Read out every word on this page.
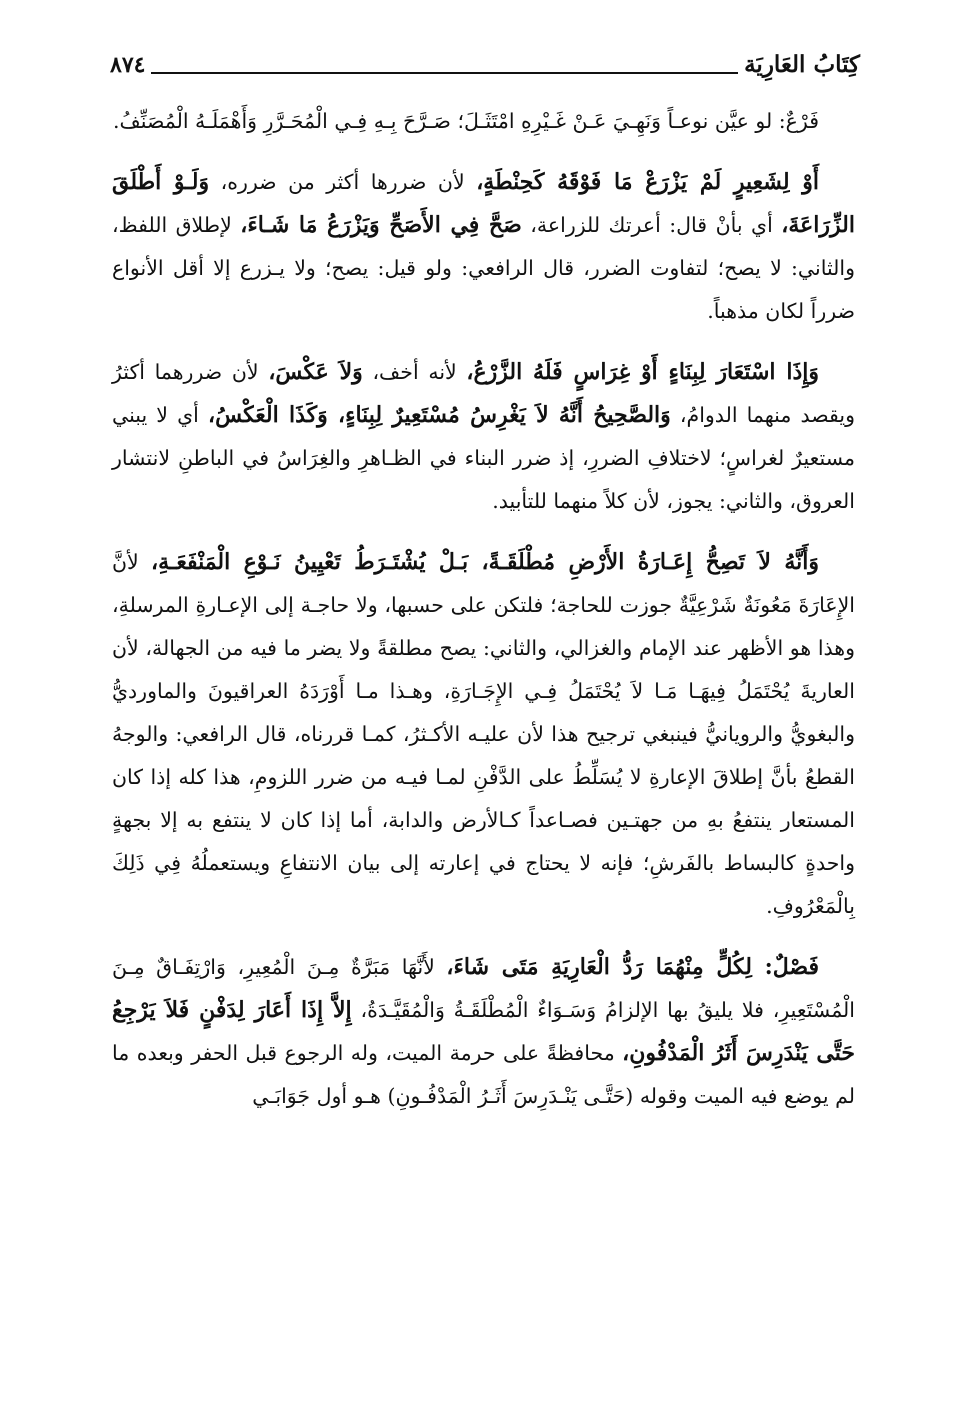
كِتَابُ العَارِيَة
٨٧٤

فَرْعٌ: لو عيَّن نوعـاً وَنَهِـيَ عَـنْ غَـيْرِهِ امْتَثَـلَ؛ صَـرَّحَ بِـهِ فِـي الْمُحَـرَّرِ وَأَهْمَلَـهُ الْمُصَنِّفُ.

أَوْ لِشَعِيرٍ لَمْ يَزْرَعْ مَا فَوْقَهُ كَحِنْطَةٍ، لأن ضررها أكثر من ضرره، وَلَـوْ أَطْلَقَ الزِّرَاعَةَ، أي بأنْ قال: أعرتك للزراعة، صَحَّ فِي الأَصَحِّ وَيَزْرَعُ مَا شَـاءَ، لإطلاق اللفظ، والثاني: لا يصح؛ لتفاوت الضرر، قال الرافعي: ولو قيل: يصح؛ ولا يـزرع إلا أقل الأنواع ضرراً لكان مذهباً.

وَإِذَا اسْتَعَارَ لِبِنَاءٍ أَوْ غِرَاسٍ فَلَهُ الزَّرْعُ، لأنه أخف، وَلاَ عَكْسَ، لأن ضررهما أكثرُ ويقصد منهما الدوامُ، وَالصَّحِيحُ أَنَّهُ لاَ يَغْرِسُ مُسْتَعِيرٌ لِبِنَاءٍ، وَكَذَا الْعَكْسُ، أي لا يبني مستعيرٌ لغراسٍ؛ لاختلافِ الضررِ، إذ ضرر البناء في الظـاهرِ والغِرَاسُ في الباطنِ لانتشار العروق، والثاني: يجوز، لأن كلاً منهما للتأبيد.

وَأَنَّهُ لاَ تَصِحُّ إِعَـارَةُ الأَرْضِ مُطْلَقَـةً، بَـلْ يُشْتَـرَطُ تَعْيِينُ نَـوْعِ الْمَنْفَعَـةِ، لأنَّ الإِعَارَةَ مَعُونَةٌ شَرْعِيَّةٌ جوزت للحاجة؛ فلتكن على حسبها، ولا حاجـة إلى الإعـارةِ المرسلةِ، وهذا هو الأظهر عند الإمام والغزالي، والثاني: يصح مطلقةً ولا يضر ما فيه من الجهالة، لأن العاريةَ يُحْتَمَلُ فِيهَـا مَـا لاَ يُحْتَمَلُ فِـي الإِجَـارَةِ، وهـذا مـا أَوْرَدَهُ العراقيونَ والماورديُّ والبغويُّ والرويانيُّ فينبغي ترجيح هذا لأن عليـه الأكـثرُ، كمـا قررناه، قال الرافعي: والوجهُ القطعُ بأنَّ إطلاقَ الإعارةِ لا يُسَلِّطُ على الدَّفْنِ لمـا فيـه من ضرر اللزومِ، هذا كله إذا كان المستعار ينتفعُ بهِ من جهتـين فصـاعداً كـالأرض والدابة، أما إذا كان لا ينتفع به إلا بجهةٍ واحدةٍ كالبساط بالفَرشِ؛ فإنه لا يحتاج في إعارته إلى بيان الانتفاعِ ويستعملُهُ فِي ذَلِكَ بِالْمَعْرُوفِ.

فَصْلٌ: لِكُلٍّ مِنْهُمَا رَدُّ الْعَارِيَةِ مَتَى شَاءَ، لأَنَّهَا مَبَرَّةٌ مِـنَ الْمُعِيرِ، وَارْتِفَـاقٌ مِـنَ الْمُسْتَعِيرِ، فلا يليقُ بها الإلزامُ وَسَـوَاءٌ الْمُطْلَقَـةُ وَالْمُقَيَّـدَةُ، إِلاَّ إِذَا أَعَارَ لِدَفْنٍ فَلاَ يَرْجِعُ حَتَّى يَنْدَرِسَ أَثَرُ الْمَدْفُونِ، محافظةً على حرمة الميت، وله الرجوع قبل الحفر وبعده ما لم يوضع فيه الميت وقوله (حَتَّـى يَنْـدَرِسَ أَثَـرُ الْمَدْفُـونِ) هـو أول جَوَابَـي
